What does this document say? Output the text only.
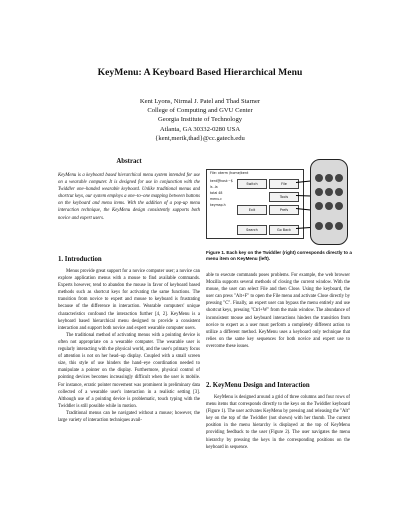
KeyMenu: A Keyboard Based Hierarchical Menu
Kent Lyons, Nirmal J. Patel and Thad Starner
College of Computing and GVU Center
Georgia Institute of Technology
Atlanta, GA 30332-0280 USA
{kent,merik,thad}@cc.gatech.edu
Abstract
KeyMenu is a keyboard based hierarchical menu system intended for use on a wearable computer. It is designed for use in conjunction with the Twiddler one–handed wearable keyboard. Unlike traditional menus and shortcut keys, our system employs a one–to–one mapping between buttons on the keyboard and menu items. With the addition of a pop-up menu interaction technique, the KeyMenu design consistently supports both novice and expert users.
1. Introduction

Menus provide great support for a novice computer user; a novice can explore application menus with a mouse to find available commands. Experts however, tend to abandon the mouse in favor of keyboard based methods such as shortcut keys for activating the same functions. The transition from novice to expert and mouse to keyboard is frustrating because of the difference in interaction. Wearable computers' unique characteristics confound the interaction further [4, 2]. KeyMenu is a keyboard based hierarchical menu designed to provide a consistent interaction and support both novice and expert wearable computer users.

The traditional method of activating menus with a pointing device is often not appropriate on a wearable computer. The wearable user is regularly interacting with the physical world, and the user's primary focus of attention is not on her head–up display. Coupled with a small screen size, this style of use hinders the hand–eye coordination needed to manipulate a pointer on the display. Furthermore, physical control of pointing devices becomes increasingly difficult when the user is mobile. For instance, erratic pointer movement was prominent in preliminary data collected of a wearable user's interaction in a realistic setting [3]. Although use of a pointing device is problematic, touch typing with the Twiddler is still possible while in motion.

Traditional menus can be navigated without a mouse; however, the large variety of interaction techniques avail-

File: xterm /home/kent
kent@host:~$
ls -la
total 48
menu.c
keymap.h
Switch	File
Tools
Prefs
Exit
Search	Go Back
Figure 1. Each key on the Twiddler (right) corresponds directly to a menu item on KeyMenu (left).

able to execute commands poses problems. For example, the web browser Mozilla supports several methods of closing the current window. With the mouse, the user can select File and then Close. Using the keyboard, the user can press "Alt+F" to open the File menu and activate Close directly by pressing "C". Finally, an expert user can bypass the menu entirely and use shortcut keys, pressing "Ctrl+W" from the main window. The abundance of inconsistent mouse and keyboard interactions hinders the transition from novice to expert as a user must perform a completely different action to utilize a different method. KeyMenu uses a keyboard only technique that relies on the same key sequences for both novice and expert use to overcome these issues.

2. KeyMenu Design and Interaction

KeyMenu is designed around a grid of three columns and four rows of menu items that corresponds directly to the keys on the Twiddler keyboard (Figure 1). The user activates KeyMenu by pressing and releasing the "Alt" key on the top of the Twiddler (not shown) with her thumb. The current position in the menu hierarchy is displayed at the top of KeyMenu providing feedback to the user (Figure 2). The user navigates the menu hierarchy by pressing the keys in the corresponding positions on the keyboard in sequence.
